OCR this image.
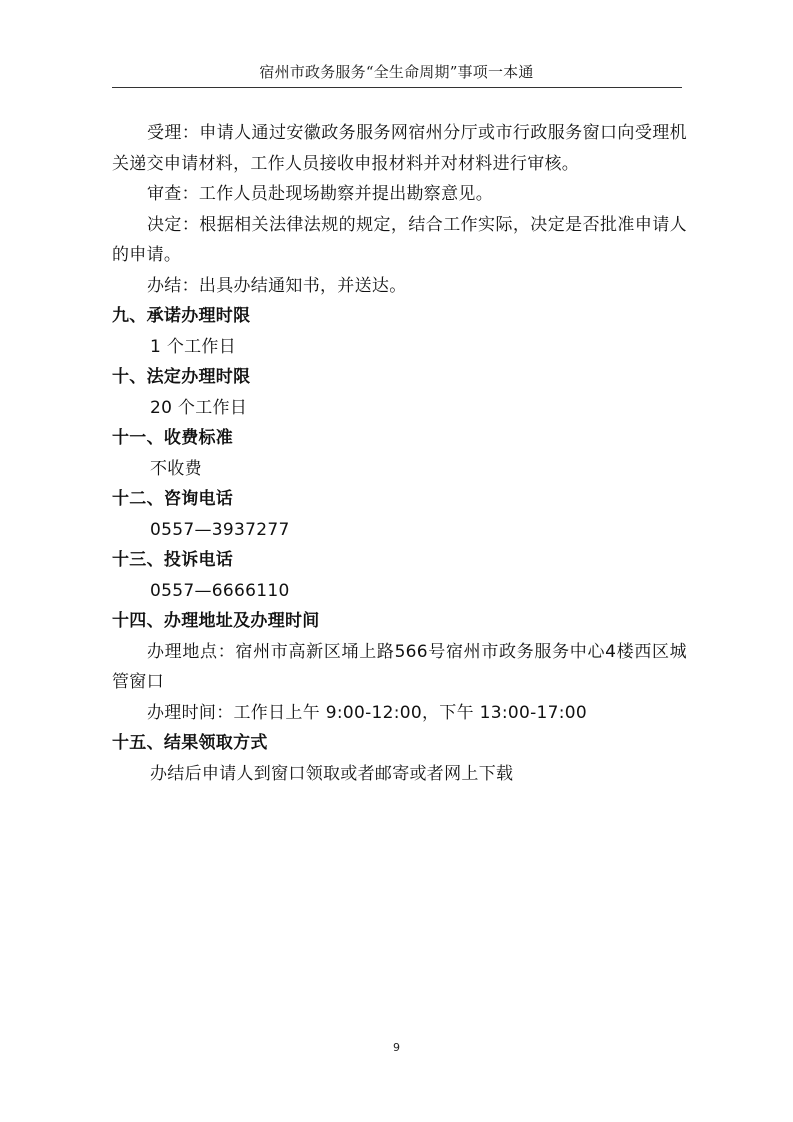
宿州市政务服务“全生命周期”事项一本通

受理：申请人通过安徽政务服务网宿州分厅或市行政服务窗口向受理机关递交申请材料，工作人员接收申报材料并对材料进行审核。

审查：工作人员赴现场勘察并提出勘察意见。

决定：根据相关法律法规的规定，结合工作实际，决定是否批准申请人的申请。

办结：出具办结通知书，并送达。

九、承诺办理时限

1 个工作日

十、法定办理时限

20 个工作日

十一、收费标准

不收费

十二、咨询电话

0557—3937277

十三、投诉电话

0557—6666110

十四、办理地址及办理时间

办理地点：宿州市高新区埇上路566号宿州市政务服务中心4楼西区城管窗口

办理时间：工作日上午 9:00-12:00，下午 13:00-17:00

十五、结果领取方式

办结后申请人到窗口领取或者邮寄或者网上下载

9
